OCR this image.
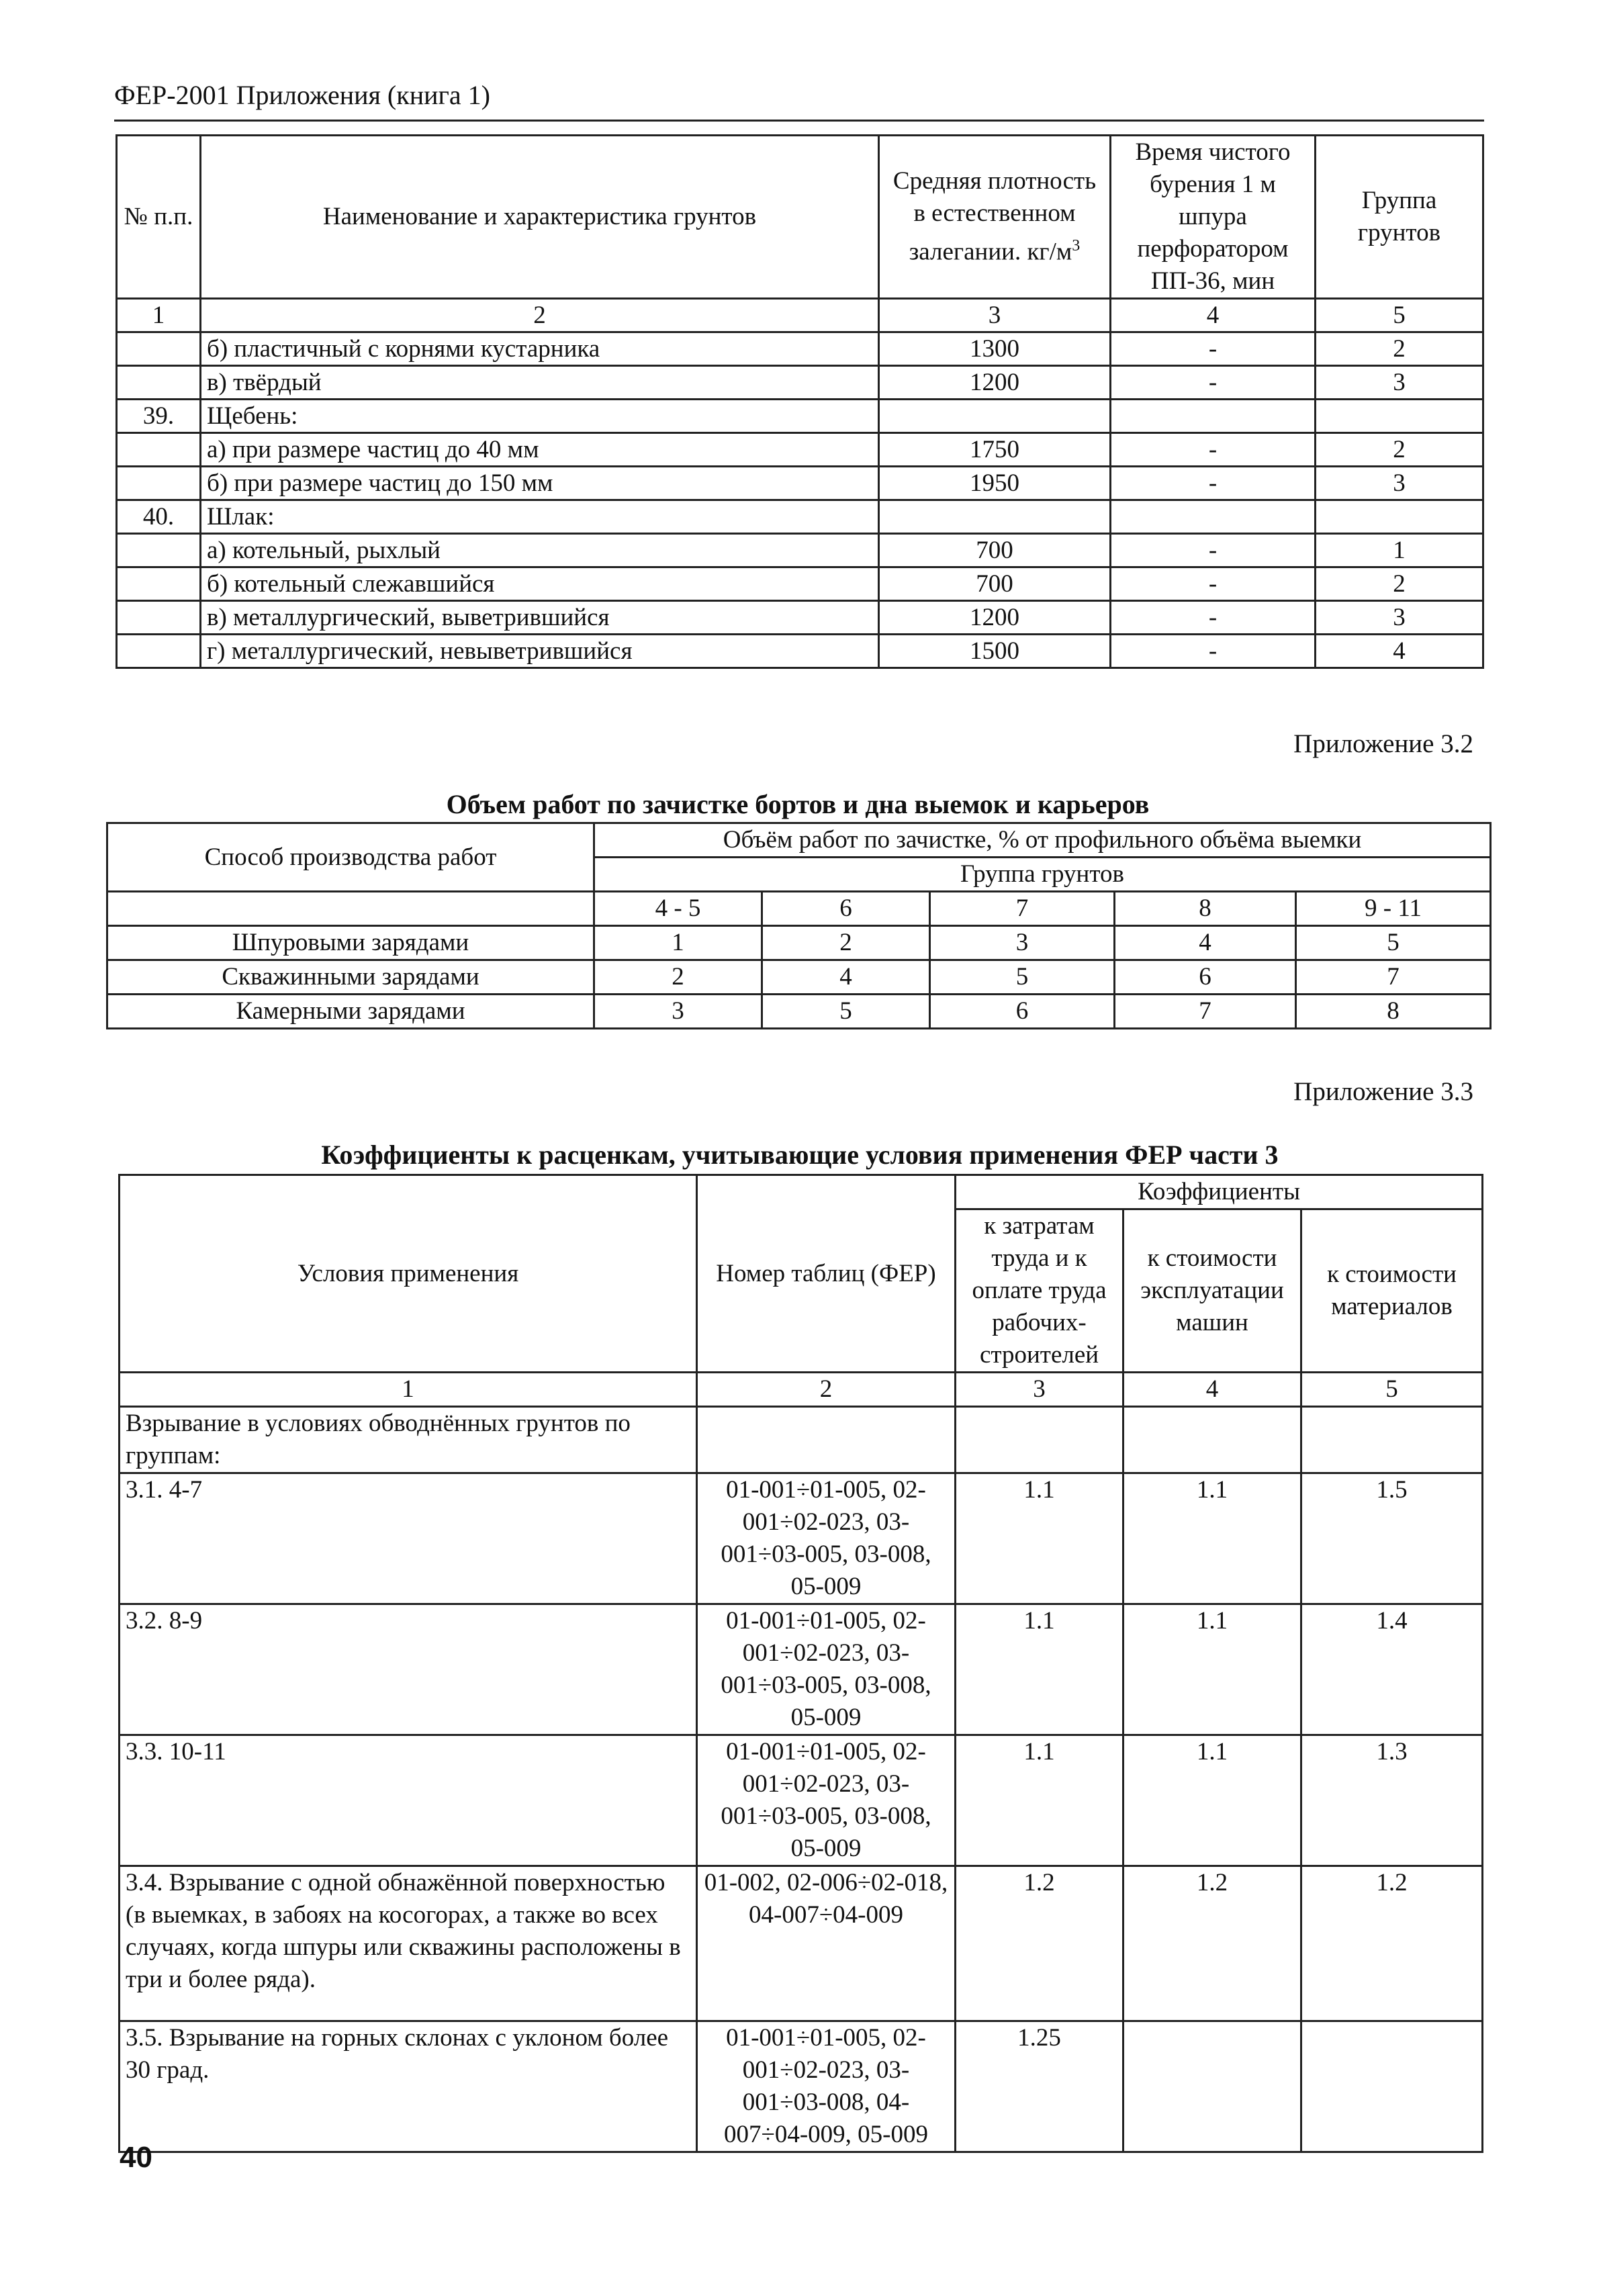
ФЕР-2001 Приложения (книга 1)
№ п.п.	Наименование и характеристика грунтов	Средняя плотность в естественном залегании. $кг/м^3$	Время чистого бурения 1 м шпура перфоратором ПП-36, мин	Группа грунтов
1	2	3	4	5
	б) пластичный с корнями кустарника	1300	-	2
	в) твёрдый	1200	-	3
39.	Щебень:			
	а) при размере частиц до 40 мм	1750	-	2
	б) при размере частиц до 150 мм	1950	-	3
40.	Шлак:			
	а) котельный, рыхлый	700	-	1
	б) котельный слежавшийся	700	-	2
	в) металлургический, выветрившийся	1200	-	3
	г) металлургический, невыветрившийся	1500	-	4
Приложение 3.2
Объем работ по зачистке бортов и дна выемок и карьеров
Способ производства работ	Объём работ по зачистке, % от профильного объёма выемки				
	Группа грунтов				
	4 - 5	6	7	8	9 - 11
Шпуровыми зарядами	1	2	3	4	5
Скважинными зарядами	2	4	5	6	7
Камерными зарядами	3	5	6	7	8
Приложение 3.3
Коэффициенты к расценкам, учитывающие условия применения ФЕР части 3
Условия применения	Номер таблиц (ФЕР)	Коэффициенты		
		к затратам труда и к оплате труда рабочих-строителей	к стоимости эксплуатации машин	к стоимости материалов
1	2	3	4	5
Взрывание в условиях обводнённых грунтов по группам:				
3.1. 4-7	01-001÷01-005, 02-001÷02-023, 03-001÷03-005, 03-008, 05-009	1.1	1.1	1.5
3.2. 8-9	01-001÷01-005, 02-001÷02-023, 03-001÷03-005, 03-008, 05-009	1.1	1.1	1.4
3.3. 10-11	01-001÷01-005, 02-001÷02-023, 03-001÷03-005, 03-008, 05-009	1.1	1.1	1.3
3.4. Взрывание с одной обнажённой поверхностью (в выемках, в забоях на косогорах, а также во всех случаях, когда шпуры или скважины расположены в три и более ряда).	01-002, 02-006÷02-018, 04-007÷04-009	1.2	1.2	1.2
3.5. Взрывание на горных склонах с уклоном более 30 град.	01-001÷01-005, 02-001÷02-023, 03-001÷03-008, 04-007÷04-009, 05-009	1.25		
40
